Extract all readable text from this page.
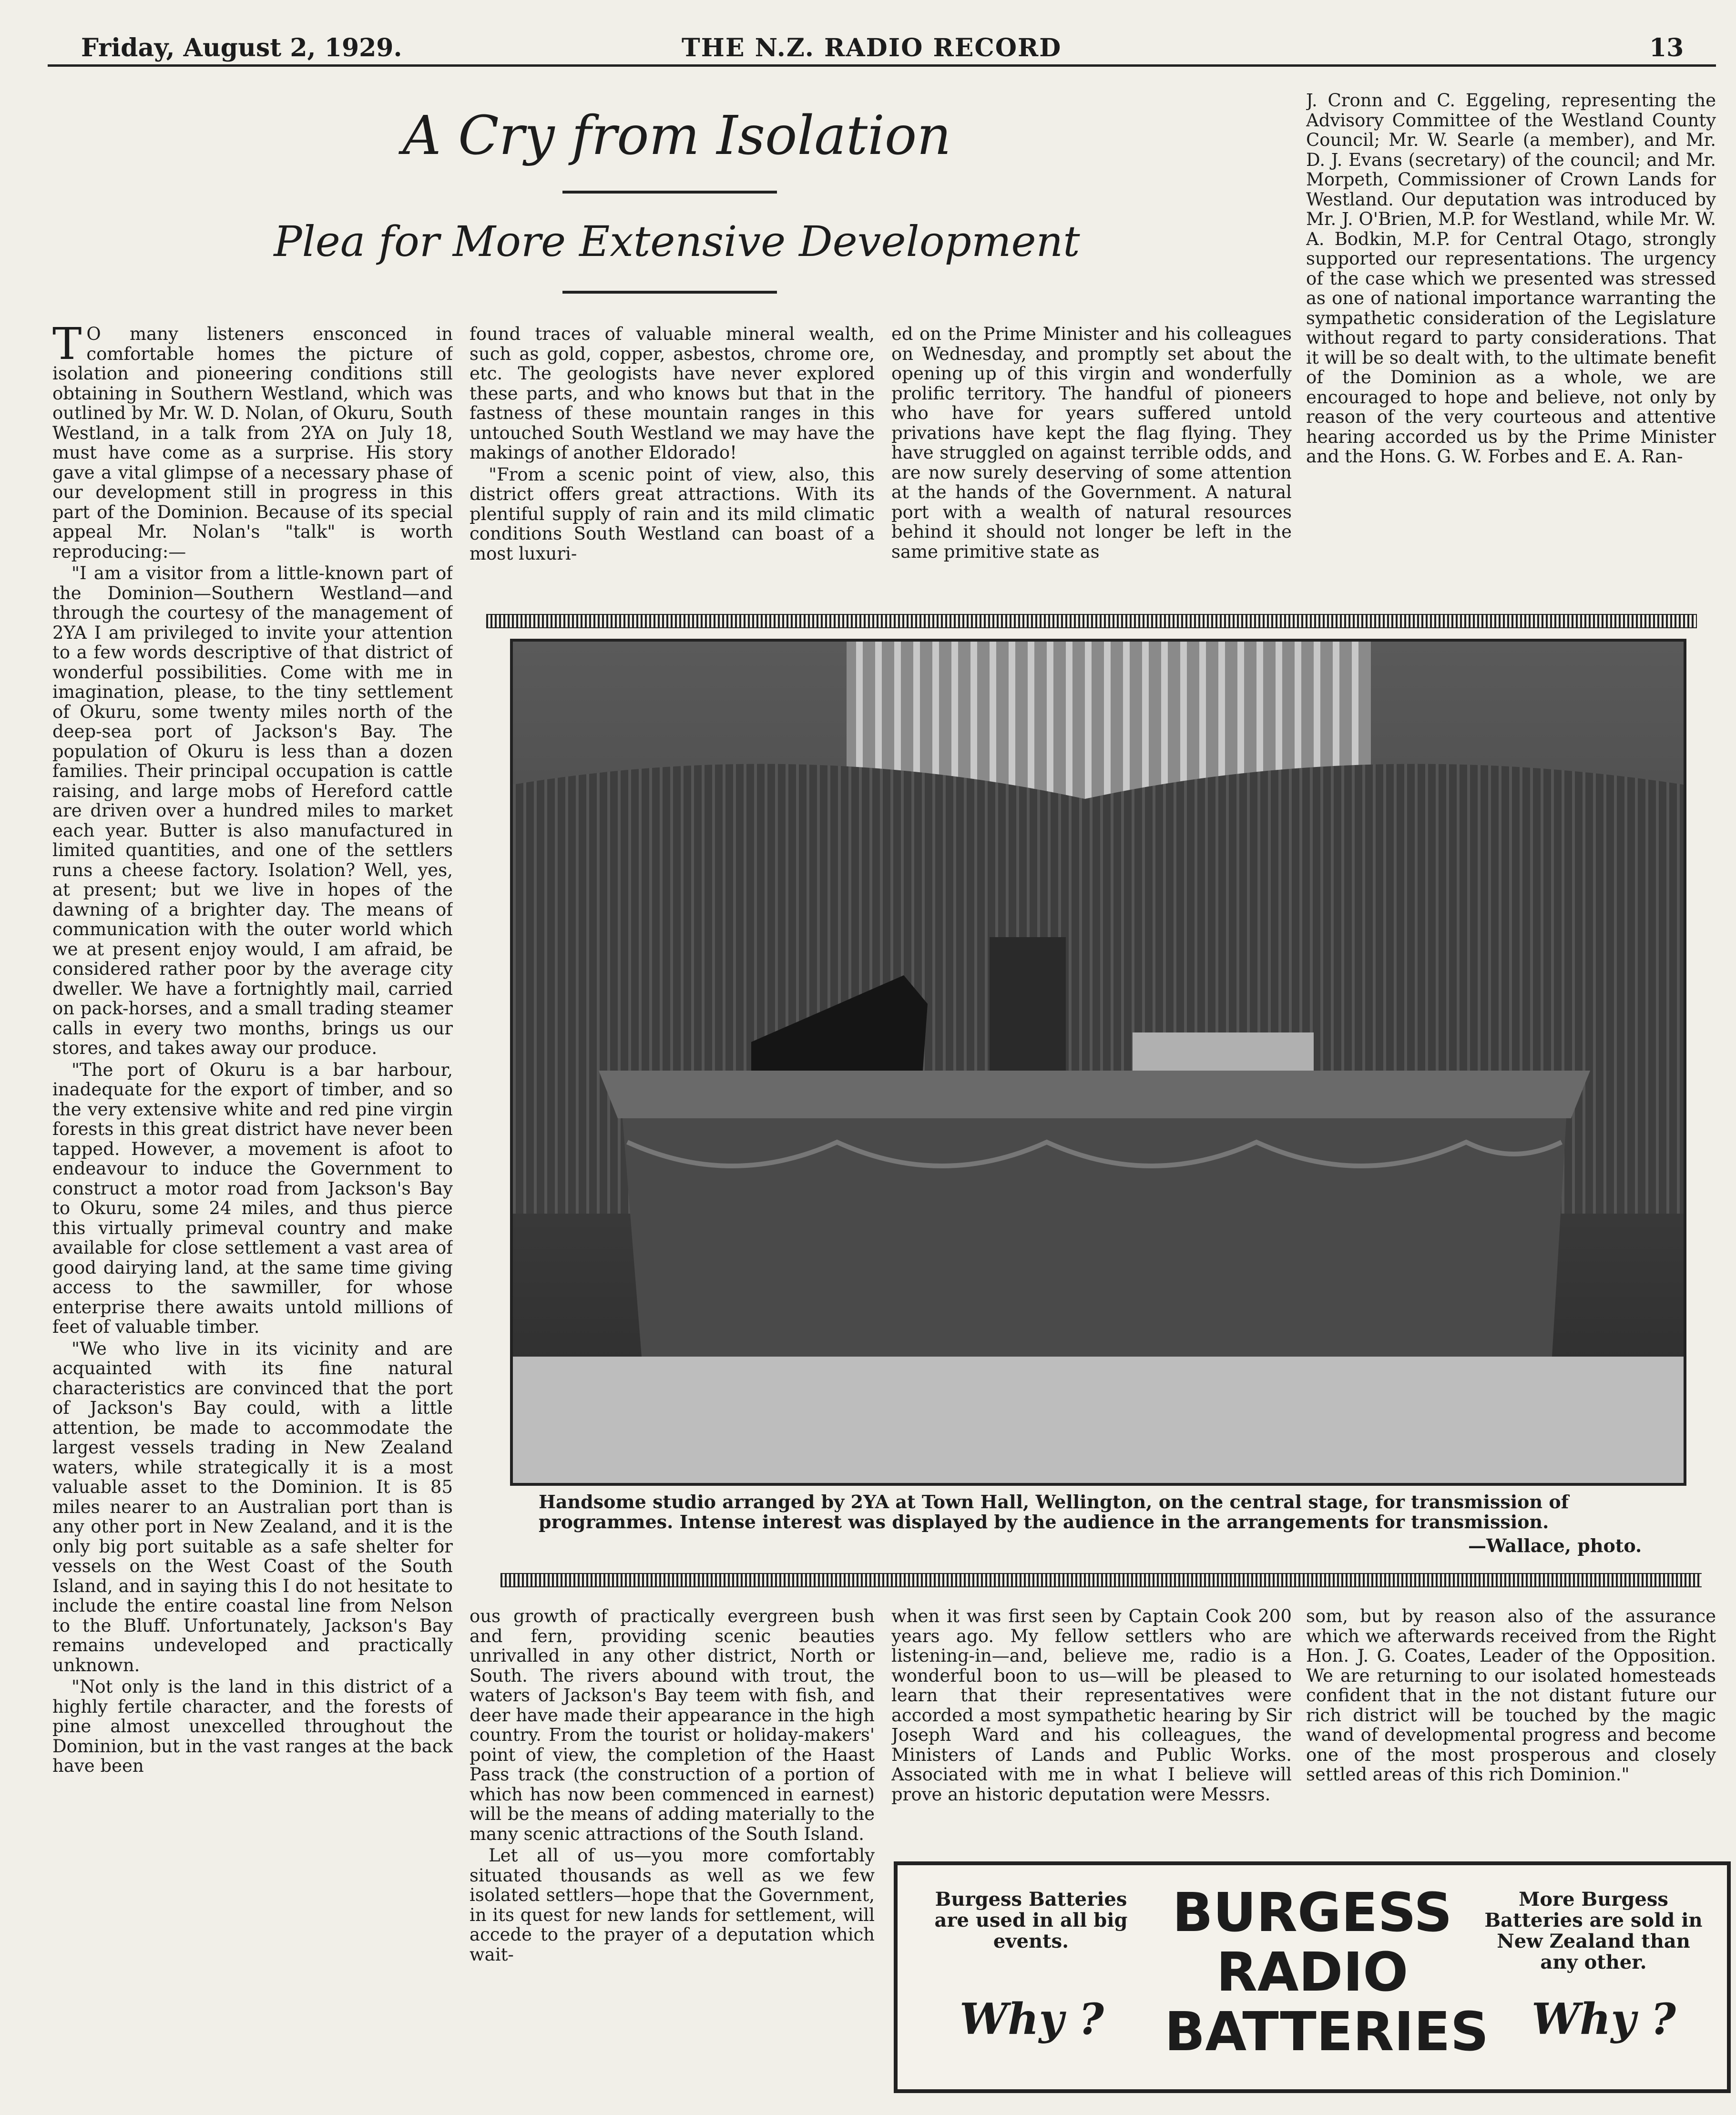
Friday, August 2, 1929.	THE N.Z. RADIO RECORD	13
A Cry from Isolation
Plea for More Extensive Development
T O many listeners ensconced in comfortable homes the picture of isolation and pioneering conditions still obtaining in Southern Westland, which was outlined by Mr. W. D. Nolan, of Okuru, South Westland, in a talk from 2YA on July 18, must have come as a surprise. His story gave a vital glimpse of a necessary phase of our development still in progress in this part of the Dominion. Because of its special appeal Mr. Nolan's "talk" is worth reproducing:—

"I am a visitor from a little-known part of the Dominion—Southern Westland—and through the courtesy of the management of 2YA I am privileged to invite your attention to a few words descriptive of that district of wonderful possibilities. Come with me in imagination, please, to the tiny settlement of Okuru, some twenty miles north of the deep-sea port of Jackson's Bay. The population of Okuru is less than a dozen families. Their principal occupation is cattle raising, and large mobs of Hereford cattle are driven over a hundred miles to market each year. Butter is also manufactured in limited quantities, and one of the settlers runs a cheese factory. Isolation? Well, yes, at present; but we live in hopes of the dawning of a brighter day. The means of communication with the outer world which we at present enjoy would, I am afraid, be considered rather poor by the average city dweller. We have a fortnightly mail, carried on pack-horses, and a small trading steamer calls in every two months, brings us our stores, and takes away our produce.

"The port of Okuru is a bar harbour, inadequate for the export of timber, and so the very extensive white and red pine virgin forests in this great district have never been tapped. However, a movement is afoot to endeavour to induce the Government to construct a motor road from Jackson's Bay to Okuru, some 24 miles, and thus pierce this virtually primeval country and make available for close settlement a vast area of good dairying land, at the same time giving access to the sawmiller, for whose enterprise there awaits untold millions of feet of valuable timber.

"We who live in its vicinity and are acquainted with its fine natural characteristics are convinced that the port of Jackson's Bay could, with a little attention, be made to accommodate the largest vessels trading in New Zealand waters, while strategically it is a most valuable asset to the Dominion. It is 85 miles nearer to an Australian port than is any other port in New Zealand, and it is the only big port suitable as a safe shelter for vessels on the West Coast of the South Island, and in saying this I do not hesitate to include the entire coastal line from Nelson to the Bluff. Unfortunately, Jackson's Bay remains undeveloped and practically unknown.

"Not only is the land in this district of a highly fertile character, and the forests of pine almost unexcelled throughout the Dominion, but in the vast ranges at the back have been

found traces of valuable mineral wealth, such as gold, copper, asbestos, chrome ore, etc. The geologists have never explored these parts, and who knows but that in the fastness of these mountain ranges in this untouched South Westland we may have the makings of another Eldorado!

"From a scenic point of view, also, this district offers great attractions. With its plentiful supply of rain and its mild climatic conditions South Westland can boast of a most luxuri-

ed on the Prime Minister and his colleagues on Wednesday, and promptly set about the opening up of this virgin and wonderfully prolific territory. The handful of pioneers who have for years suffered untold privations have kept the flag flying. They have struggled on against terrible odds, and are now surely deserving of some attention at the hands of the Government. A natural port with a wealth of natural resources behind it should not longer be left in the same primitive state as

J. Cronn and C. Eggeling, representing the Advisory Committee of the Westland County Council; Mr. W. Searle (a member), and Mr. D. J. Evans (secretary) of the council; and Mr. Morpeth, Commissioner of Crown Lands for Westland. Our deputation was introduced by Mr. J. O'Brien, M.P. for Westland, while Mr. W. A. Bodkin, M.P. for Central Otago, strongly supported our representations. The urgency of the case which we presented was stressed as one of national importance warranting the sympathetic consideration of the Legislature without regard to party considerations. That it will be so dealt with, to the ultimate benefit of the Dominion as a whole, we are encouraged to hope and believe, not only by reason of the very courteous and attentive hearing accorded us by the Prime Minister and the Hons. G. W. Forbes and E. A. Ran-

Handsome studio arranged by 2YA at Town Hall, Wellington, on the central stage, for transmission of programmes. Intense interest was displayed by the audience in the arrangements for transmission.
—Wallace, photo.

ous growth of practically evergreen bush and fern, providing scenic beauties unrivalled in any other district, North or South. The rivers abound with trout, the waters of Jackson's Bay teem with fish, and deer have made their appearance in the high country. From the tourist or holiday-makers' point of view, the completion of the Haast Pass track (the construction of a portion of which has now been commenced in earnest) will be the means of adding materially to the many scenic attractions of the South Island.

Let all of us—you more comfortably situated thousands as well as we few isolated settlers—hope that the Government, in its quest for new lands for settlement, will accede to the prayer of a deputation which wait-

when it was first seen by Captain Cook 200 years ago. My fellow settlers who are listening-in—and, believe me, radio is a wonderful boon to us—will be pleased to learn that their representatives were accorded a most sympathetic hearing by Sir Joseph Ward and his colleagues, the Ministers of Lands and Public Works. Associated with me in what I believe will prove an historic deputation were Messrs.

som, but by reason also of the assurance which we afterwards received from the Right Hon. J. G. Coates, Leader of the Opposition. We are returning to our isolated homesteads confident that in the not distant future our rich district will be touched by the magic wand of developmental progress and become one of the most prosperous and closely settled areas of this rich Dominion."

Burgess Batteries are used in all big events.
Why ?
BURGESS
RADIO
BATTERIES
More Burgess Batteries are sold in New Zealand than any other.
Why ?
